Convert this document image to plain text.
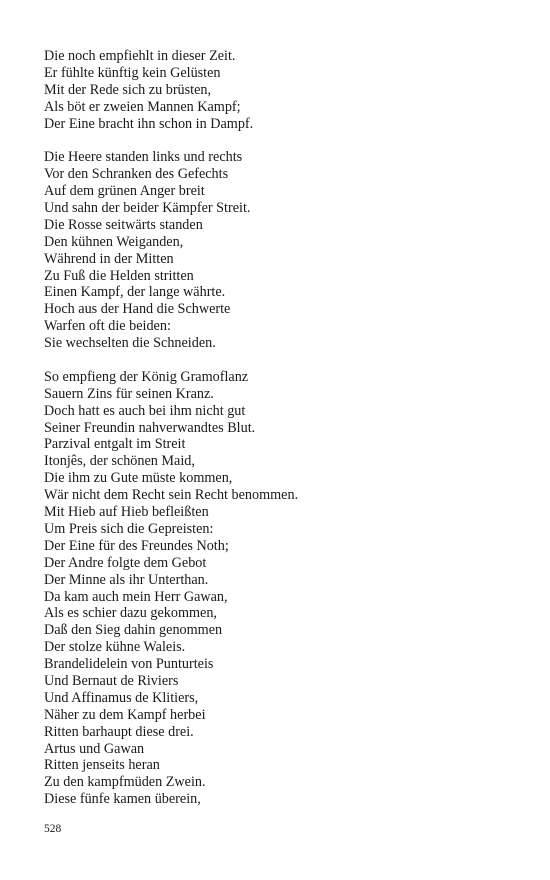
Die noch empfiehlt in dieser Zeit.
Er fühlte künftig kein Gelüsten
Mit der Rede sich zu brüsten,
Als böt er zweien Mannen Kampf;
Der Eine bracht ihn schon in Dampf.
Die Heere standen links und rechts
Vor den Schranken des Gefechts
Auf dem grünen Anger breit
Und sahn der beider Kämpfer Streit.
Die Rosse seitwärts standen
Den kühnen Weiganden,
Während in der Mitten
Zu Fuß die Helden stritten
Einen Kampf, der lange währte.
Hoch aus der Hand die Schwerte
Warfen oft die beiden:
Sie wechselten die Schneiden.
So empfieng der König Gramoflanz
Sauern Zins für seinen Kranz.
Doch hatt es auch bei ihm nicht gut
Seiner Freundin nahverwandtes Blut.
Parzival entgalt im Streit
Itonjês, der schönen Maid,
Die ihm zu Gute müste kommen,
Wär nicht dem Recht sein Recht benommen.
Mit Hieb auf Hieb befleißten
Um Preis sich die Gepreisten:
Der Eine für des Freundes Noth;
Der Andre folgte dem Gebot
Der Minne als ihr Unterthan.
Da kam auch mein Herr Gawan,
Als es schier dazu gekommen,
Daß den Sieg dahin genommen
Der stolze kühne Waleis.
Brandelidelein von Punturteis
Und Bernaut de Riviers
Und Affinamus de Klitiers,
Näher zu dem Kampf herbei
Ritten barhaupt diese drei.
Artus und Gawan
Ritten jenseits heran
Zu den kampfmüden Zwein.
Diese fünfe kamen überein,
528
